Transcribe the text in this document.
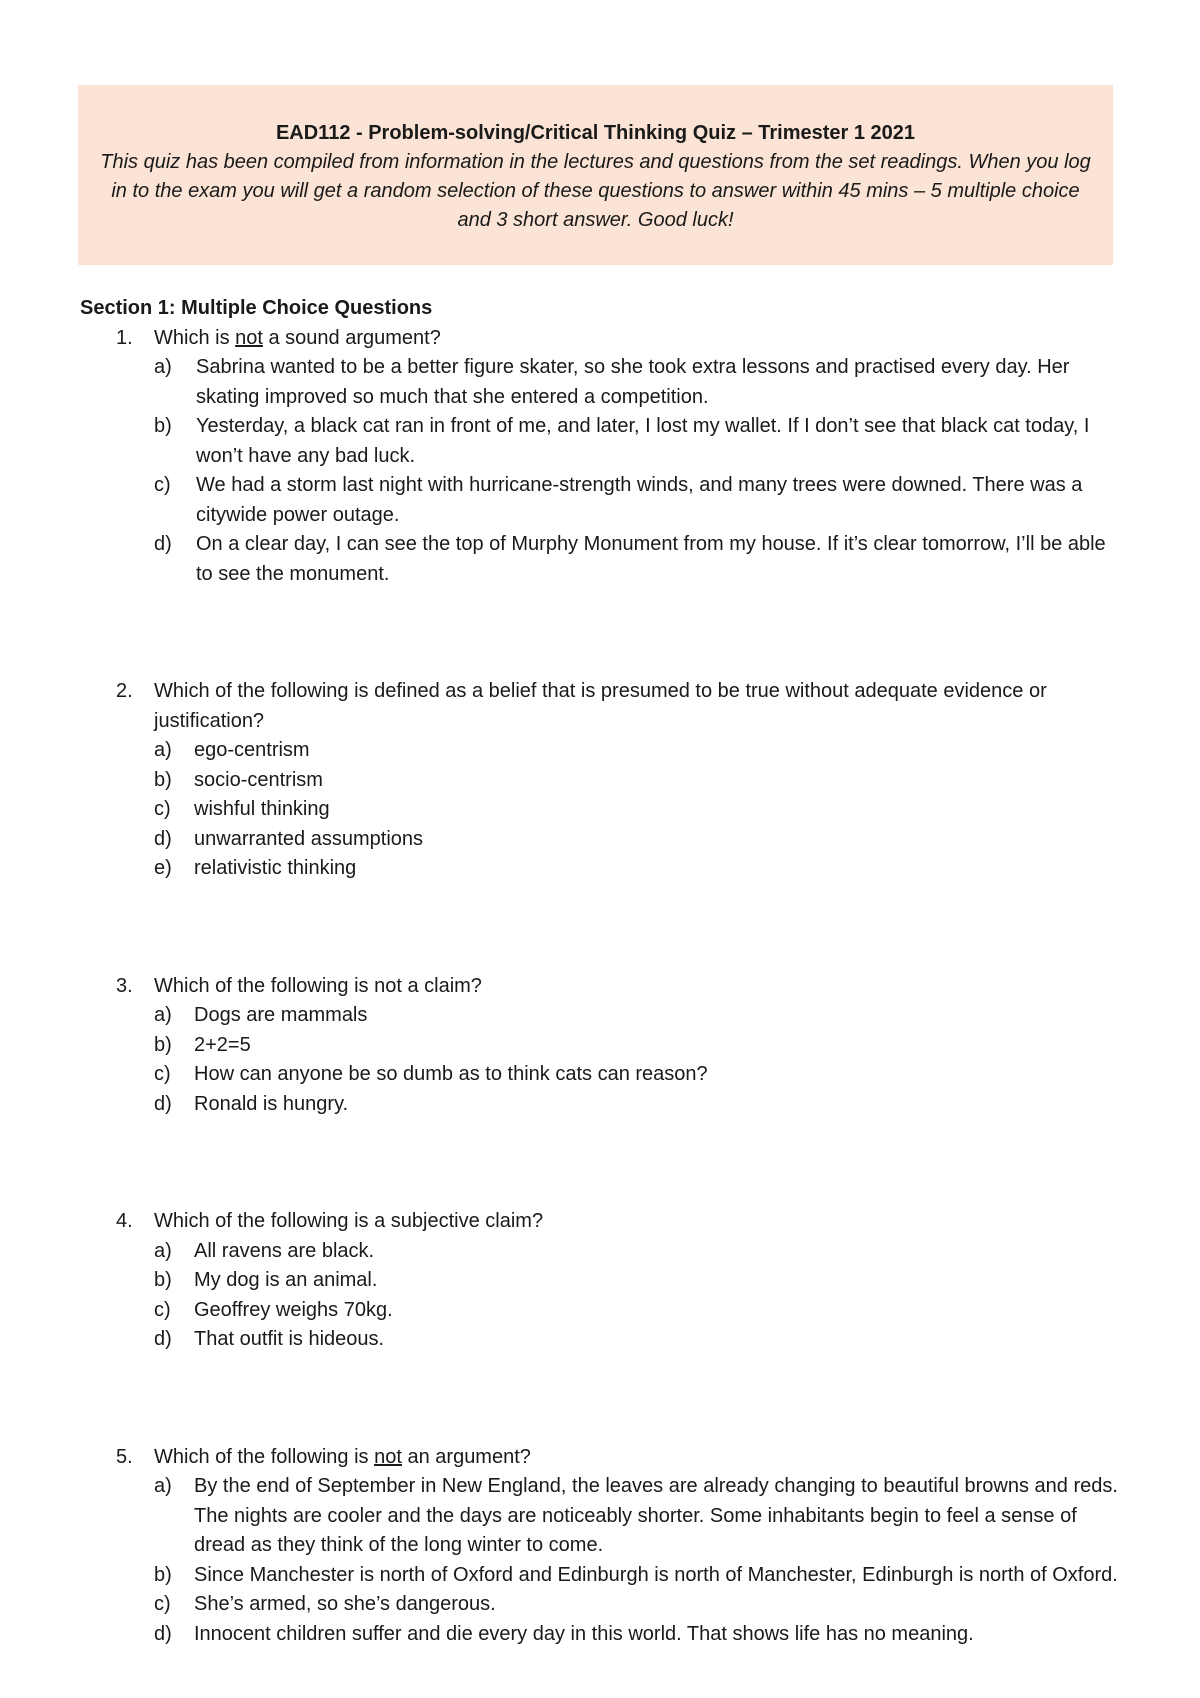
EAD112 - Problem-solving/Critical Thinking Quiz – Trimester 1 2021

This quiz has been compiled from information in the lectures and questions from the set readings. When you log in to the exam you will get a random selection of these questions to answer within 45 mins – 5 multiple choice and 3 short answer. Good luck!

Section 1: Multiple Choice Questions

1. Which is not a sound argument?
a) Sabrina wanted to be a better figure skater, so she took extra lessons and practised every day. Her skating improved so much that she entered a competition.
b) Yesterday, a black cat ran in front of me, and later, I lost my wallet. If I don’t see that black cat today, I won’t have any bad luck.
c) We had a storm last night with hurricane-strength winds, and many trees were downed. There was a citywide power outage.
d) On a clear day, I can see the top of Murphy Monument from my house. If it’s clear tomorrow, I’ll be able to see the monument.
2. Which of the following is defined as a belief that is presumed to be true without adequate evidence or justification?
a) ego-centrism
b) socio-centrism
c) wishful thinking
d) unwarranted assumptions
e) relativistic thinking
3. Which of the following is not a claim?
a) Dogs are mammals
b) 2+2=5
c) How can anyone be so dumb as to think cats can reason?
d) Ronald is hungry.
4. Which of the following is a subjective claim?
a) All ravens are black.
b) My dog is an animal.
c) Geoffrey weighs 70kg.
d) That outfit is hideous.
5. Which of the following is not an argument?
a) By the end of September in New England, the leaves are already changing to beautiful browns and reds. The nights are cooler and the days are noticeably shorter. Some inhabitants begin to feel a sense of dread as they think of the long winter to come.
b) Since Manchester is north of Oxford and Edinburgh is north of Manchester, Edinburgh is north of Oxford.
c) She’s armed, so she’s dangerous.
d) Innocent children suffer and die every day in this world. That shows life has no meaning.
